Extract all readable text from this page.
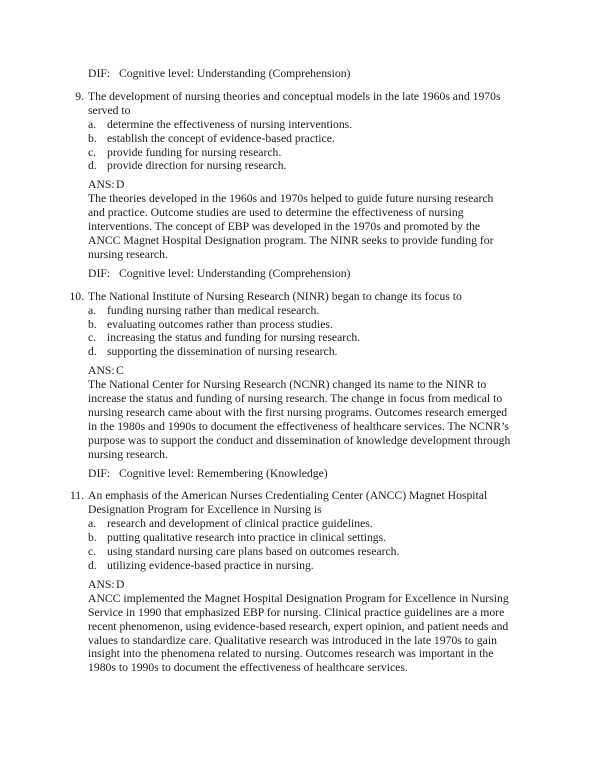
DIF: Cognitive level: Understanding (Comprehension)
9. The development of nursing theories and conceptual models in the late 1960s and 1970s served to
a. determine the effectiveness of nursing interventions.
b. establish the concept of evidence-based practice.
c. provide funding for nursing research.
d. provide direction for nursing research.
ANS:D
The theories developed in the 1960s and 1970s helped to guide future nursing research and practice. Outcome studies are used to determine the effectiveness of nursing interventions. The concept of EBP was developed in the 1970s and promoted by the ANCC Magnet Hospital Designation program. The NINR seeks to provide funding for nursing research.
DIF: Cognitive level: Understanding (Comprehension)
10. The National Institute of Nursing Research (NINR) began to change its focus to
a. funding nursing rather than medical research.
b. evaluating outcomes rather than process studies.
c. increasing the status and funding for nursing research.
d. supporting the dissemination of nursing research.
ANS:C
The National Center for Nursing Research (NCNR) changed its name to the NINR to increase the status and funding of nursing research. The change in focus from medical to nursing research came about with the first nursing programs. Outcomes research emerged in the 1980s and 1990s to document the effectiveness of healthcare services. The NCNR’s purpose was to support the conduct and dissemination of knowledge development through nursing research.
DIF: Cognitive level: Remembering (Knowledge)
11. An emphasis of the American Nurses Credentialing Center (ANCC) Magnet Hospital Designation Program for Excellence in Nursing is
a. research and development of clinical practice guidelines.
b. putting qualitative research into practice in clinical settings.
c. using standard nursing care plans based on outcomes research.
d. utilizing evidence-based practice in nursing.
ANS:D
ANCC implemented the Magnet Hospital Designation Program for Excellence in Nursing Service in 1990 that emphasized EBP for nursing. Clinical practice guidelines are a more recent phenomenon, using evidence-based research, expert opinion, and patient needs and values to standardize care. Qualitative research was introduced in the late 1970s to gain insight into the phenomena related to nursing. Outcomes research was important in the 1980s to 1990s to document the effectiveness of healthcare services.
